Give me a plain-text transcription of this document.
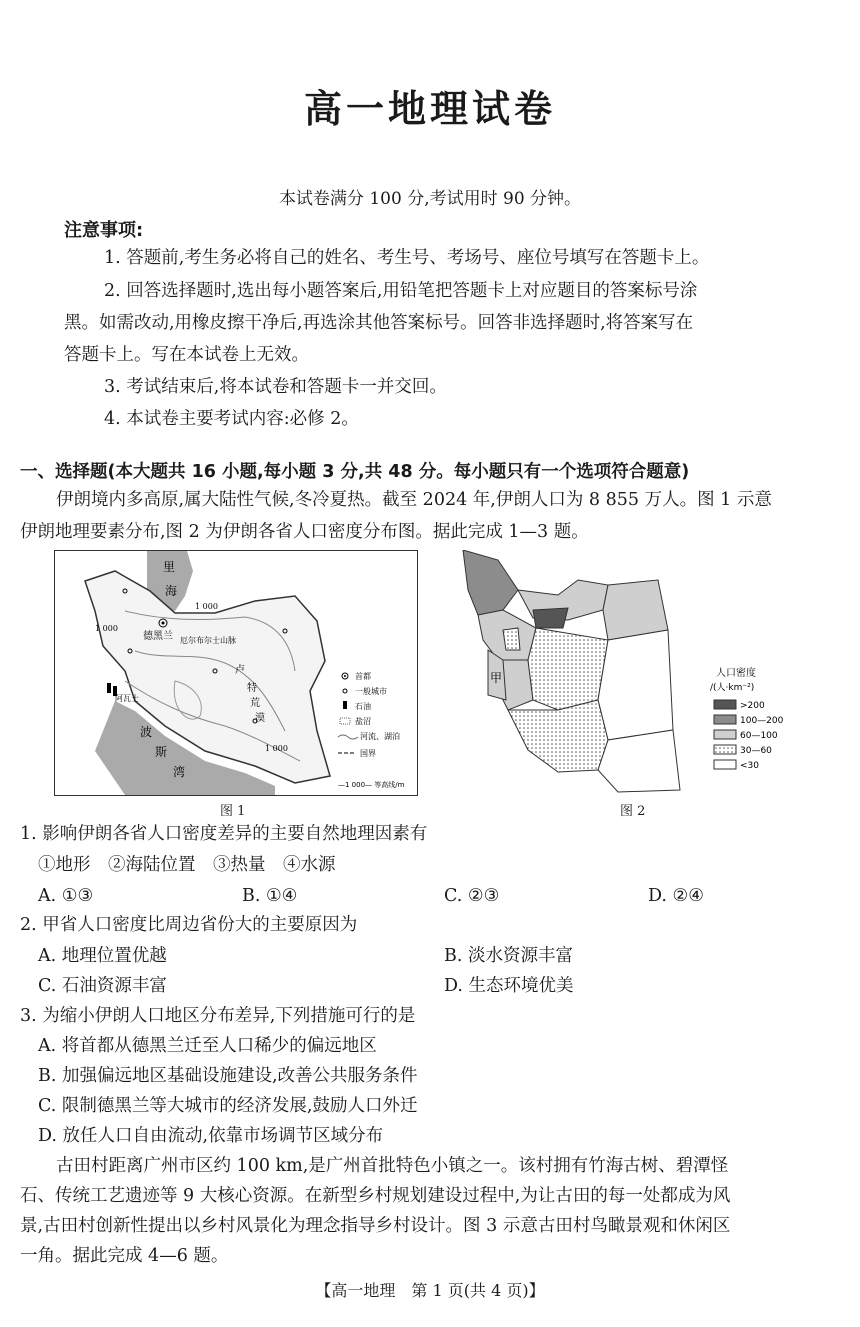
高一地理试卷
本试卷满分 100 分,考试用时 90 分钟。
注意事项:
1. 答题前,考生务必将自己的姓名、考生号、考场号、座位号填写在答题卡上。
2. 回答选择题时,选出每小题答案后,用铅笔把答题卡上对应题目的答案标号涂
黑。如需改动,用橡皮擦干净后,再选涂其他答案标号。回答非选择题时,将答案写在
答题卡上。写在本试卷上无效。
3. 考试结束后,将本试卷和答题卡一并交回。
4. 本试卷主要考试内容:必修 2。
一、选择题(本大题共 16 小题,每小题 3 分,共 48 分。每小题只有一个选项符合题意)
伊朗境内多高原,属大陆性气候,冬冷夏热。截至 2024 年,伊朗人口为 8 855 万人。图 1 示意
伊朗地理要素分布,图 2 为伊朗各省人口密度分布图。据此完成 1—3 题。
里
海
德黑兰 厄尔布尔士山脉
卢
特
荒
漠
波
斯
湾
阿瓦士
1 000
1 000
1 000
首都
一般城市
石油
盐沼
河流、湖泊
国界
—1 000— 等高线/m
图 1
甲	人口密度
/(人·km⁻²)
>200
100—200
60—100
30—60
<30
图 2
1. 影响伊朗各省人口密度差异的主要自然地理因素有
①地形　②海陆位置　③热量　④水源
A. ①③	B. ①④	C. ②③	D. ②④
2. 甲省人口密度比周边省份大的主要原因为
A. 地理位置优越	B. 淡水资源丰富
C. 石油资源丰富	D. 生态环境优美
3. 为缩小伊朗人口地区分布差异,下列措施可行的是
A. 将首都从德黑兰迁至人口稀少的偏远地区
B. 加强偏远地区基础设施建设,改善公共服务条件
C. 限制德黑兰等大城市的经济发展,鼓励人口外迁
D. 放任人口自由流动,依靠市场调节区域分布
古田村距离广州市区约 100 km,是广州首批特色小镇之一。该村拥有竹海古树、碧潭怪
石、传统工艺遗迹等 9 大核心资源。在新型乡村规划建设过程中,为让古田的每一处都成为风
景,古田村创新性提出以乡村风景化为理念指导乡村设计。图 3 示意古田村鸟瞰景观和休闲区
一角。据此完成 4—6 题。
【高一地理　第 1 页(共 4 页)】
